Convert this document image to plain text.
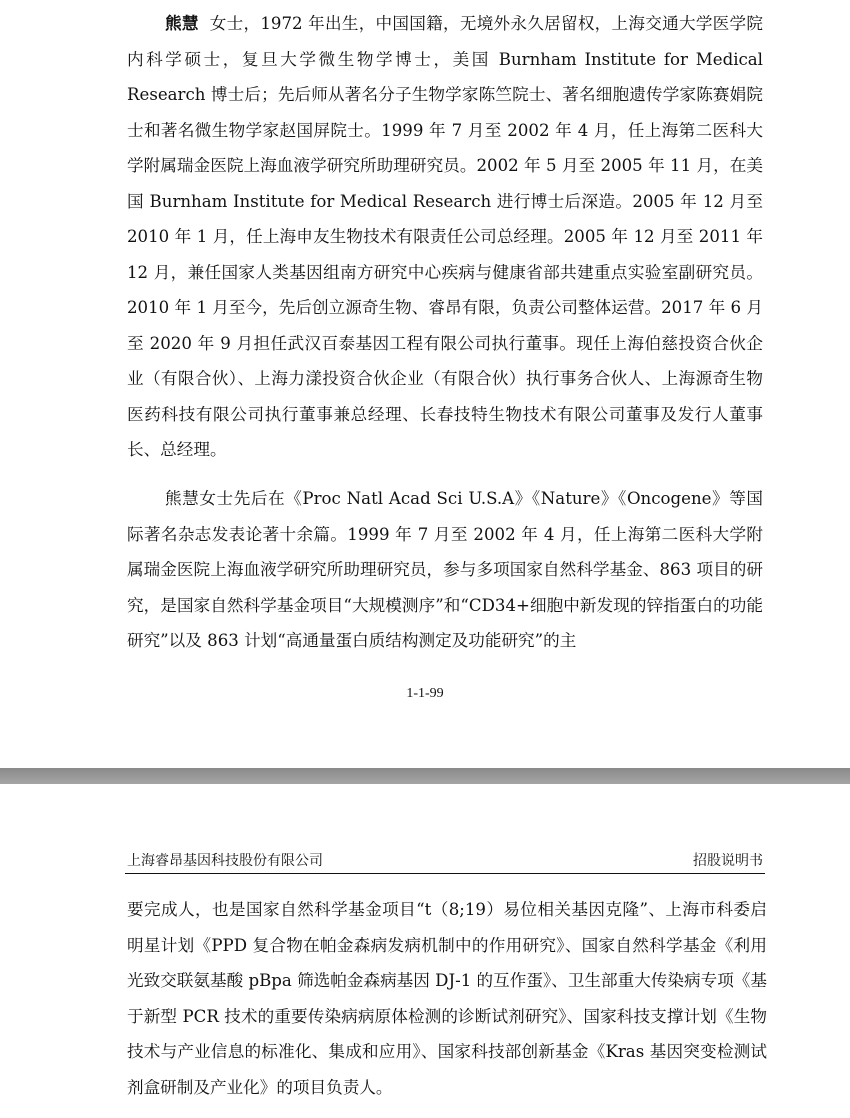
熊慧 女士，1972 年出生，中国国籍，无境外永久居留权，上海交通大学医学院内科学硕士，复旦大学微生物学博士，美国 Burnham Institute for Medical Research 博士后；先后师从著名分子生物学家陈竺院士、著名细胞遗传学家陈赛娟院士和著名微生物学家赵国屏院士。1999 年 7 月至 2002 年 4 月，任上海第二医科大学附属瑞金医院上海血液学研究所助理研究员。2002 年 5 月至 2005 年 11 月，在美国 Burnham Institute for Medical Research 进行博士后深造。2005 年 12 月至 2010 年 1 月，任上海申友生物技术有限责任公司总经理。2005 年 12 月至 2011 年 12 月，兼任国家人类基因组南方研究中心疾病与健康省部共建重点实验室副研究员。2010 年 1 月至今，先后创立源奇生物、睿昂有限，负责公司整体运营。2017 年 6 月至 2020 年 9 月担任武汉百泰基因工程有限公司执行董事。现任上海伯慈投资合伙企业（有限合伙）、上海力漾投资合伙企业（有限合伙）执行事务合伙人、上海源奇生物医药科技有限公司执行董事兼总经理、长春技特生物技术有限公司董事及发行人董事长、总经理。

熊慧女士先后在《Proc Natl Acad Sci U.S.A》《Nature》《Oncogene》等国际著名杂志发表论著十余篇。1999 年 7 月至 2002 年 4 月，任上海第二医科大学附属瑞金医院上海血液学研究所助理研究员，参与多项国家自然科学基金、863 项目的研究，是国家自然科学基金项目“大规模测序”和“CD34+细胞中新发现的锌指蛋白的功能研究”以及 863 计划“高通量蛋白质结构测定及功能研究”的主

1-1-99
上海睿昂基因科技股份有限公司	招股说明书

要完成人，也是国家自然科学基金项目“t（8;19）易位相关基因克隆”、上海市科委启明星计划《PPD 复合物在帕金森病发病机制中的作用研究》、国家自然科学基金《利用光致交联氨基酸 pBpa 筛选帕金森病基因 DJ-1 的互作蛋》、卫生部重大传染病专项《基于新型 PCR 技术的重要传染病病原体检测的诊断试剂研究》、国家科技支撑计划《生物技术与产业信息的标准化、集成和应用》、国家科技部创新基金《Kras 基因突变检测试剂盒研制及产业化》的项目负责人。
